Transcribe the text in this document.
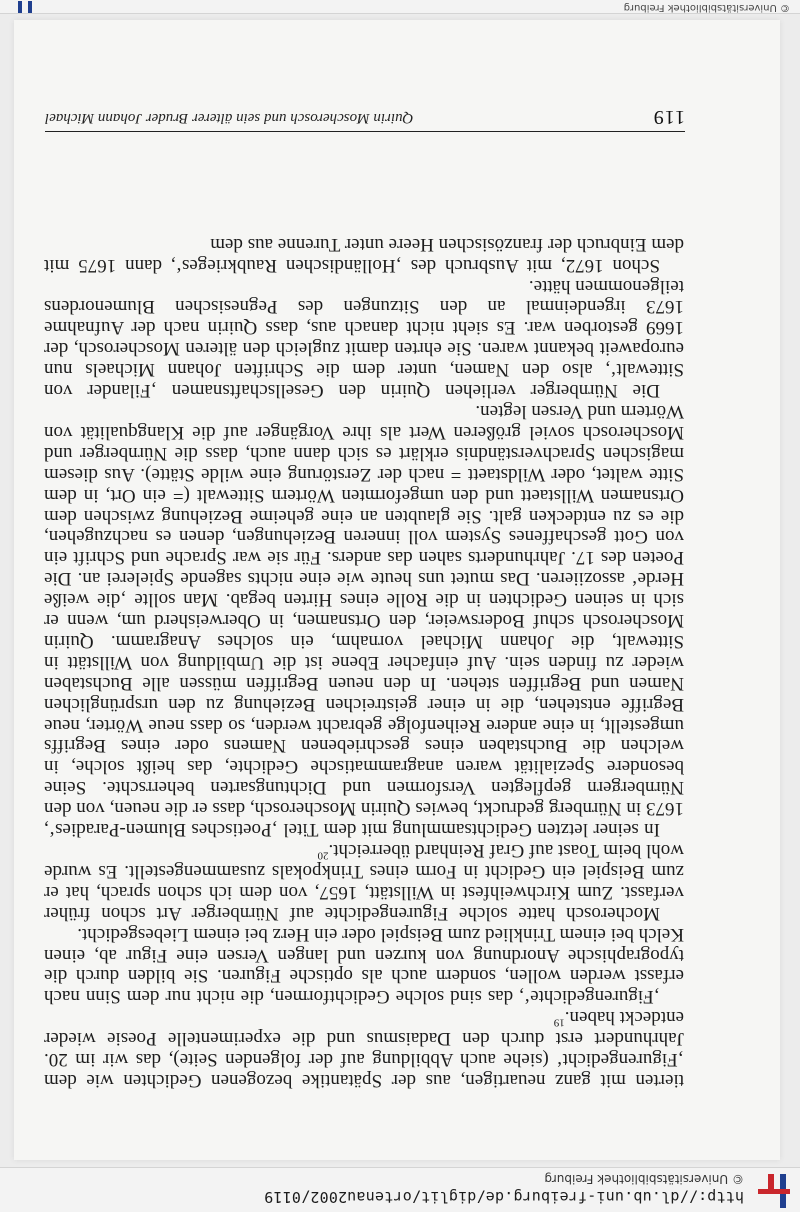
http://dl.ub.uni-freiburg.de/diglit/ortenau2002/0119
© Universitätsbibliothek Freiburg

tierten mit ganz neuartigen, aus der Spätantike bezogenen Gedichten wie dem ‚Figurengedicht‘ (siehe auch Abbildung auf der folgenden Seite), das wir im 20. Jahrhundert erst durch den Dadaismus und die experimentelle Poesie wieder entdeckt haben.$^{19}$

‚Figurengedichte‘, das sind solche Gedichtformen, die nicht nur dem Sinn nach erfasst werden wollen, sondern auch als optische Figuren. Sie bilden durch die typographische Anordnung von kurzen und langen Versen eine Figur ab, einen Kelch bei einem Trinklied zum Beispiel oder ein Herz bei einem Liebesgedicht.

Mocherosch hatte solche Figurengedichte auf Nürnberger Art schon früher verfasst. Zum Kirchweihfest in Willstätt, 1657, von dem ich schon sprach, hat er zum Beispiel ein Gedicht in Form eines Trinkpokals zusammengestellt. Es wurde wohl beim Toast auf Graf Reinhard überreicht.$^{20}$

In seiner letzten Gedichtsammlung mit dem Titel ‚Poetisches Blumen-Paradies‘, 1673 in Nürnberg gedruckt, bewies Quirin Moscherosch, dass er die neuen, von den Nürnbergern gepflegten Versformen und Dichtungsarten beherrschte. Seine besondere Spezialität waren anagrammatische Gedichte, das heißt solche, in welchen die Buchstaben eines geschriebenen Namens oder eines Begriffs umgestellt, in eine andere Reihenfolge gebracht werden, so dass neue Wörter, neue Begriffe entstehen, die in einer geistreichen Beziehung zu den ursprünglichen Namen und Begriffen stehen. In den neuen Begriffen müssen alle Buchstaben wieder zu finden sein. Auf einfacher Ebene ist die Umbildung von Willstätt in Sittewalt, die Johann Michael vornahm, ein solches Anagramm. Quirin Moscherosch schuf Bodersweier, den Ortsnamen, in Oberweisherd um, wenn er sich in seinen Gedichten in die Rolle eines Hirten begab. Man sollte ‚die weiße Herde‘ assoziieren. Das mutet uns heute wie eine nichts sagende Spielerei an. Die Poeten des 17. Jahrhunderts sahen das anders. Für sie war Sprache und Schrift ein von Gott geschaffenes System voll inneren Beziehungen, denen es nachzugehen, die es zu entdecken galt. Sie glaubten an eine geheime Beziehung zwischen dem Ortsnamen Willstaett und den umgeformten Wörtern Sittewalt (= ein Ort, in dem Sitte waltet, oder Wildstaett = nach der Zerstörung eine wilde Stätte). Aus diesem magischen Sprachverständnis erklärt es sich dann auch, dass die Nürnberger und Moscherosch soviel größeren Wert als ihre Vorgänger auf die Klangqualität von Wörtern und Versen legten.

Die Nürnberger verliehen Quirin den Gesellschaftsnamen ‚Filander von Sittewalt‘, also den Namen, unter dem die Schriften Johann Michaels nun europaweit bekannt waren. Sie ehrten damit zugleich den älteren Moscherosch, der 1669 gestorben war. Es sieht nicht danach aus, dass Quirin nach der Aufnahme 1673 irgendeinmal an den Sitzungen des Pegnesischen Blumenordens teilgenommen hätte.

Schon 1672, mit Ausbruch des ‚Holländischen Raubkrieges‘, dann 1675 mit dem Einbruch der französischen Heere unter Turenne aus dem

Quirin Moscherosch und sein älterer Bruder Johann Michael	119
© Universitätsbibliothek Freiburg
